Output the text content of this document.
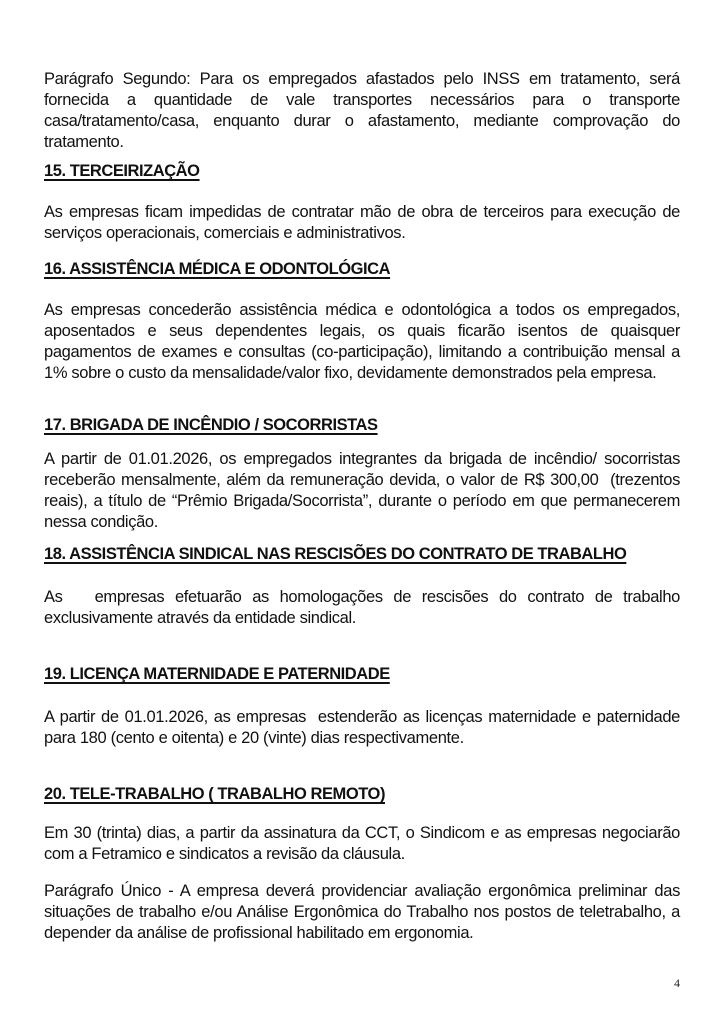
Parágrafo Segundo: Para os empregados afastados pelo INSS em tratamento, será fornecida a quantidade de vale transportes necessários para o transporte casa/tratamento/casa, enquanto durar o afastamento, mediante comprovação do tratamento.
15. TERCEIRIZAÇÃO
As empresas ficam impedidas de contratar mão de obra de terceiros para execução de serviços operacionais, comerciais e administrativos.
16. ASSISTÊNCIA MÉDICA E ODONTOLÓGICA
As empresas concederão assistência médica e odontológica a todos os empregados, aposentados e seus dependentes legais, os quais ficarão isentos de quaisquer pagamentos de exames e consultas (co-participação), limitando a contribuição mensal a 1% sobre o custo da mensalidade/valor fixo, devidamente demonstrados pela empresa.
17. BRIGADA DE INCÊNDIO / SOCORRISTAS
A partir de 01.01.2026, os empregados integrantes da brigada de incêndio/ socorristas  receberão mensalmente, além da remuneração devida, o valor de R$ 300,00  (trezentos reais), a título de “Prêmio Brigada/Socorrista”, durante o período em que permanecerem nessa condição.
18. ASSISTÊNCIA SINDICAL NAS RESCISÕES DO CONTRATO DE TRABALHO
As   empresas efetuarão as homologações de rescisões do contrato de trabalho exclusivamente através da entidade sindical.
19. LICENÇA MATERNIDADE E PATERNIDADE
A partir de 01.01.2026, as empresas  estenderão as licenças maternidade e paternidade para 180 (cento e oitenta) e 20 (vinte) dias respectivamente.
20. TELE-TRABALHO ( TRABALHO REMOTO)
Em 30 (trinta) dias, a partir da assinatura da CCT, o Sindicom e as empresas negociarão com a Fetramico e sindicatos a revisão da cláusula.
Parágrafo Único - A empresa deverá providenciar avaliação ergonômica preliminar das situações de trabalho e/ou Análise Ergonômica do Trabalho nos postos de teletrabalho, a depender da análise de profissional habilitado em ergonomia.
4
